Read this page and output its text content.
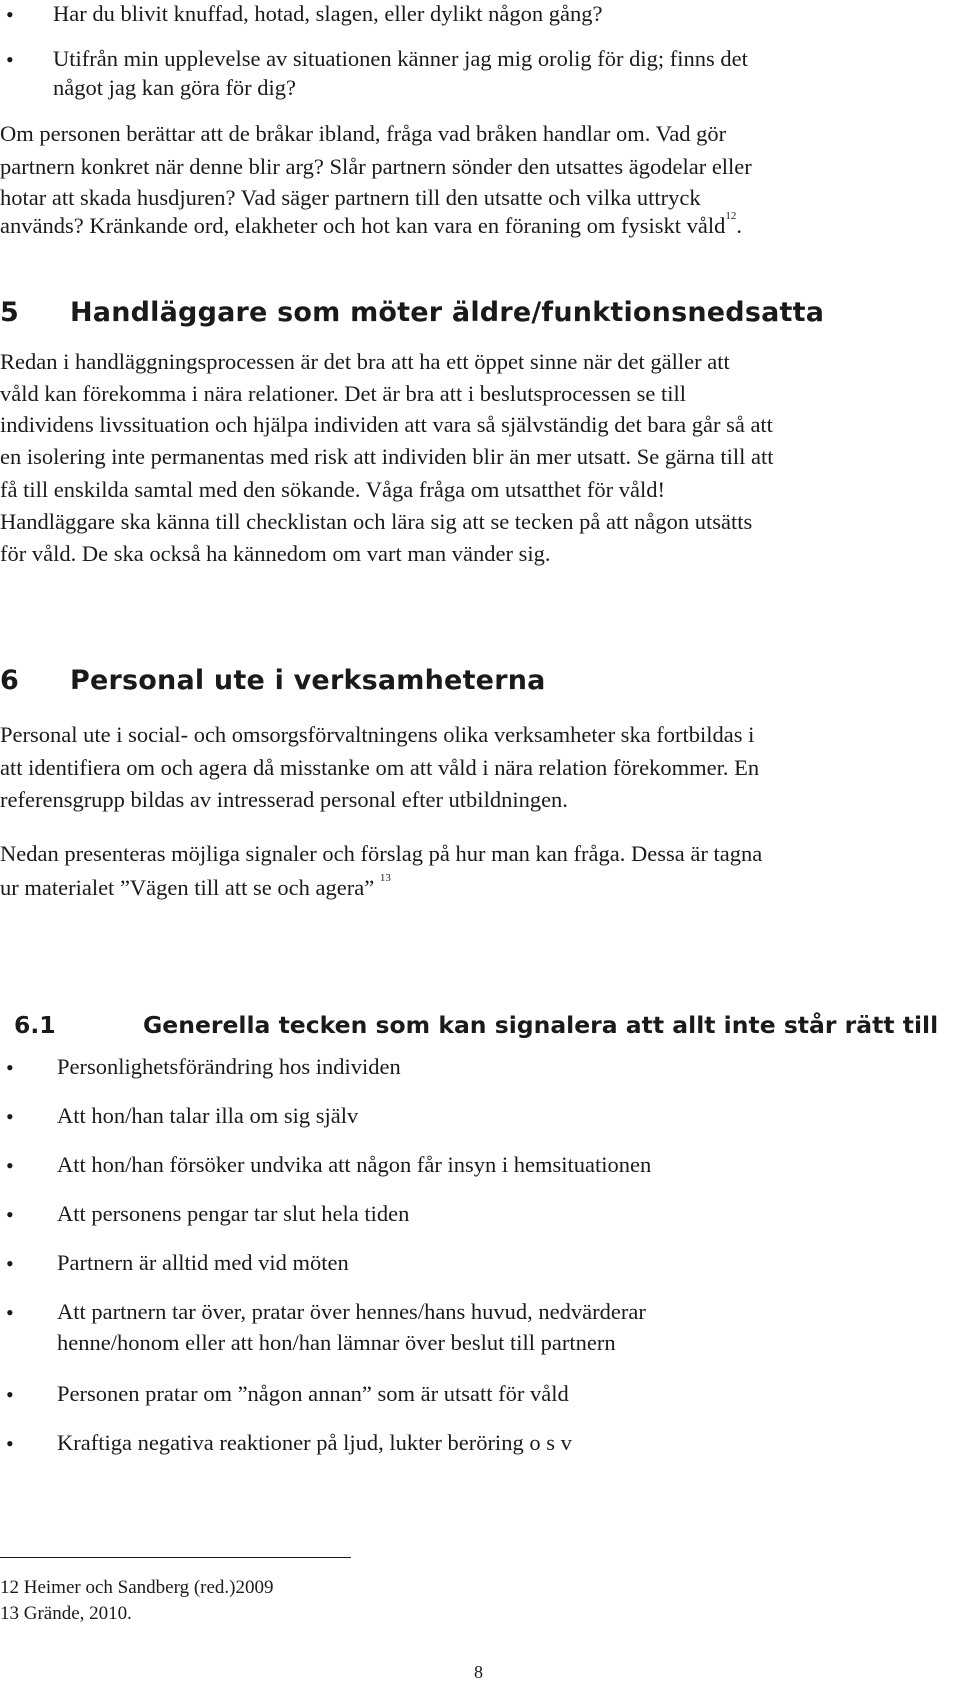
• Har du blivit knuffad, hotad, slagen, eller dylikt någon gång?
• Utifrån min upplevelse av situationen känner jag mig orolig för dig; finns det
något jag kan göra för dig?
Om personen berättar att de bråkar ibland, fråga vad bråken handlar om. Vad gör
partnern konkret när denne blir arg? Slår partnern sönder den utsattes ägodelar eller
hotar att skada husdjuren? Vad säger partnern till den utsatte och vilka uttryck
används? Kränkande ord, elakheter och hot kan vara en föraning om fysiskt våld$^{12}$.
5 Handläggare som möter äldre/funktionsnedsatta
Redan i handläggningsprocessen är det bra att ha ett öppet sinne när det gäller att
våld kan förekomma i nära relationer. Det är bra att i beslutsprocessen se till
individens livssituation och hjälpa individen att vara så självständig det bara går så att
en isolering inte permanentas med risk att individen blir än mer utsatt. Se gärna till att
få till enskilda samtal med den sökande. Våga fråga om utsatthet för våld!
Handläggare ska känna till checklistan och lära sig att se tecken på att någon utsätts
för våld. De ska också ha kännedom om vart man vänder sig.
6 Personal ute i verksamheterna
Personal ute i social- och omsorgsförvaltningens olika verksamheter ska fortbildas i
att identifiera om och agera då misstanke om att våld i nära relation förekommer. En
referensgrupp bildas av intresserad personal efter utbildningen.
Nedan presenteras möjliga signaler och förslag på hur man kan fråga. Dessa är tagna
ur materialet ”Vägen till att se och agera” $^{13}$
6.1	Generella tecken som kan signalera att allt inte står rätt till
• Personlighetsförändring hos individen
• Att hon/han talar illa om sig själv
• Att hon/han försöker undvika att någon får insyn i hemsituationen
• Att personens pengar tar slut hela tiden
• Partnern är alltid med vid möten
• Att partnern tar över, pratar över hennes/hans huvud, nedvärderar
henne/honom eller att hon/han lämnar över beslut till partnern
• Personen pratar om ”någon annan” som är utsatt för våld
• Kraftiga negativa reaktioner på ljud, lukter beröring o s v
12 Heimer och Sandberg (red.)2009
13 Grände, 2010.
8
